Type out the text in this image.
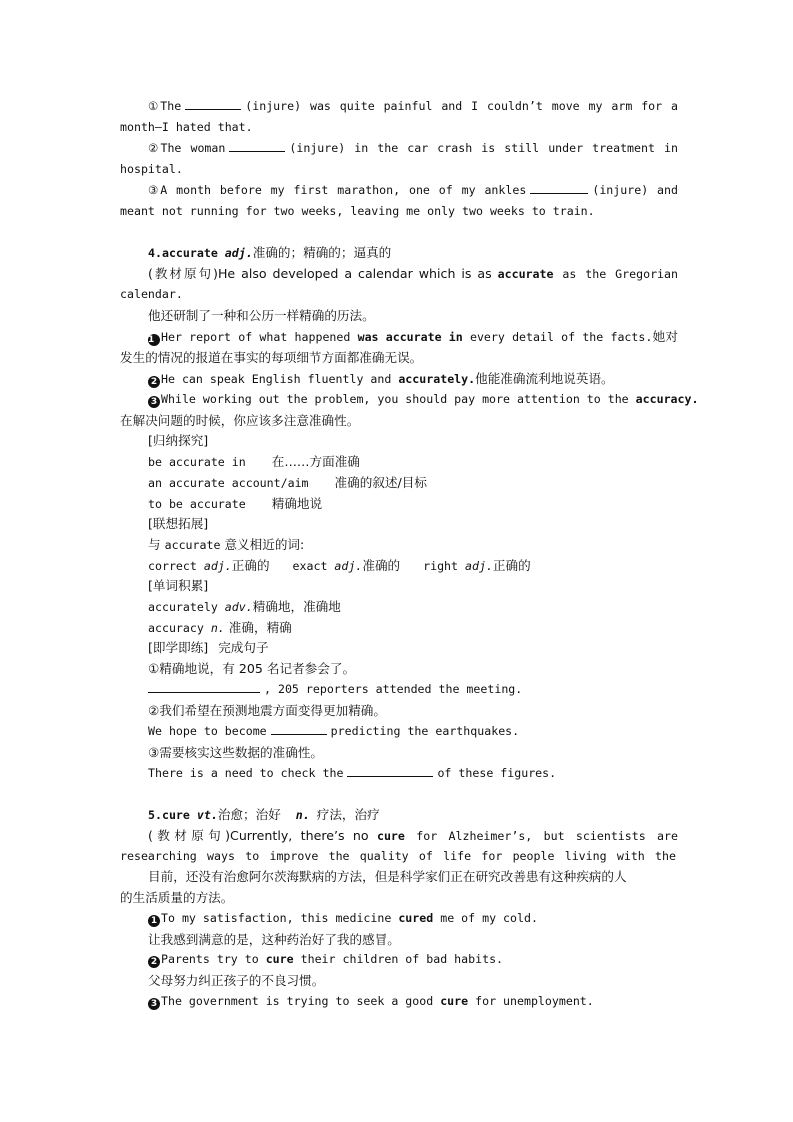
①The	(injure) was quite painful and I couldn’t move my arm for a
month—I hated that.
②The woman	(injure) in the car crash is still under treatment in
hospital.
③A month before my first marathon, one of my ankles	(injure) and
meant not running for two weeks, leaving me only two weeks to train.
4.accurate adj.准确的；精确的；逼真的
(教材原句)He also developed a calendar which is as accurate as the Gregorian
calendar.
他还研制了一种和公历一样精确的历法。
1 Her report of what happened was accurate in every detail of the facts.她对
发生的情况的报道在事实的每项细节方面都准确无误。
2 He can speak English fluently and accurately.他能准确流利地说英语。
3 While working out the problem, you should pay more attention to the accuracy.
在解决问题的时候，你应该多注意准确性。
[归纳探究]
be accurate in 在……方面准确
an accurate account/aim 准确的叙述/目标
to be accurate 精确地说
[联想拓展]
与 accurate 意义相近的词:
correct adj.正确的 exact adj.准确的 right adj.正确的
[单词积累]
accurately adv.精确地，准确地
accuracy n. 准确，精确
[即学即练] 完成句子
①精确地说，有 205 名记者参会了。
, 205 reporters attended the meeting.
②我们希望在预测地震方面变得更加精确。
We hope to become	predicting the earthquakes.
③需要核实这些数据的准确性。
There is a need to check the	of these figures.
5.cure vt.治愈；治好 n. 疗法，治疗
(教材原句)Currently, there’s no cure for Alzheimer’s, but scientists are
researching ways to improve the quality of life for people living with the
目前，还没有治愈阿尔茨海默病的方法，但是科学家们正在研究改善患有这种疾病的人
的生活质量的方法。
1 To my satisfaction, this medicine cured me of my cold.
让我感到满意的是，这种药治好了我的感冒。
2 Parents try to cure their children of bad habits.
父母努力纠正孩子的不良习惯。
3 The government is trying to seek a good cure for unemployment.
